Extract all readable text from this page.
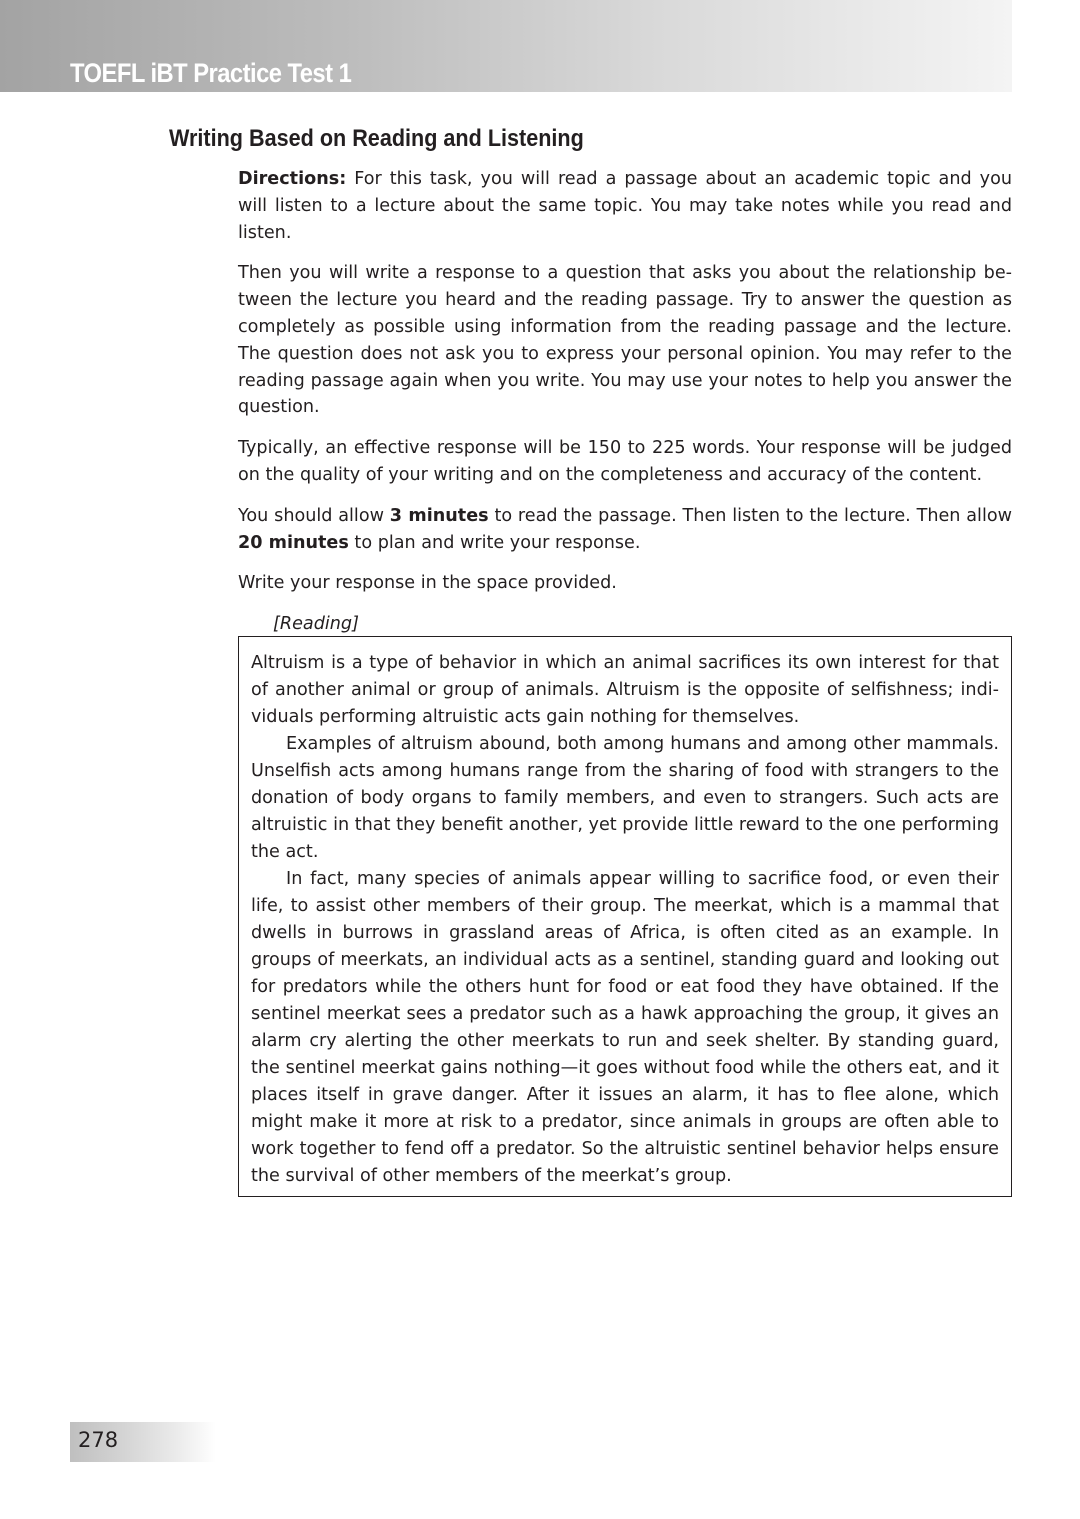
TOEFL iBT Practice Test 1
Writing Based on Reading and Listening

Directions: For this task, you will read a passage about an academic topic and you will listen to a lecture about the same topic. You may take notes while you read and listen.

Then you will write a response to a question that asks you about the relationship between the lecture you heard and the reading passage. Try to answer the question as completely as possible using information from the reading passage and the lecture. The question does not ask you to express your personal opinion. You may refer to the reading passage again when you write. You may use your notes to help you answer the question.

Typically, an effective response will be 150 to 225 words. Your response will be judged on the quality of your writing and on the completeness and accuracy of the content.

You should allow 3 minutes to read the passage. Then listen to the lecture. Then allow 20 minutes to plan and write your response.

Write your response in the space provided.
[Reading]

Altruism is a type of behavior in which an animal sacrifices its own interest for that of another animal or group of animals. Altruism is the opposite of selfishness; individuals performing altruistic acts gain nothing for themselves.

Examples of altruism abound, both among humans and among other mammals. Unselfish acts among humans range from the sharing of food with strangers to the donation of body organs to family members, and even to strangers. Such acts are altruistic in that they benefit another, yet provide little reward to the one performing the act.

In fact, many species of animals appear willing to sacrifice food, or even their life, to assist other members of their group. The meerkat, which is a mammal that dwells in burrows in grassland areas of Africa, is often cited as an example. In groups of meerkats, an individual acts as a sentinel, standing guard and looking out for predators while the others hunt for food or eat food they have obtained. If the sentinel meerkat sees a predator such as a hawk approaching the group, it gives an alarm cry alerting the other meerkats to run and seek shelter. By standing guard, the sentinel meerkat gains nothing—it goes without food while the others eat, and it places itself in grave danger. After it issues an alarm, it has to flee alone, which might make it more at risk to a predator, since animals in groups are often able to work together to fend off a predator. So the altruistic sentinel behavior helps ensure the survival of other members of the meerkat’s group.

278
